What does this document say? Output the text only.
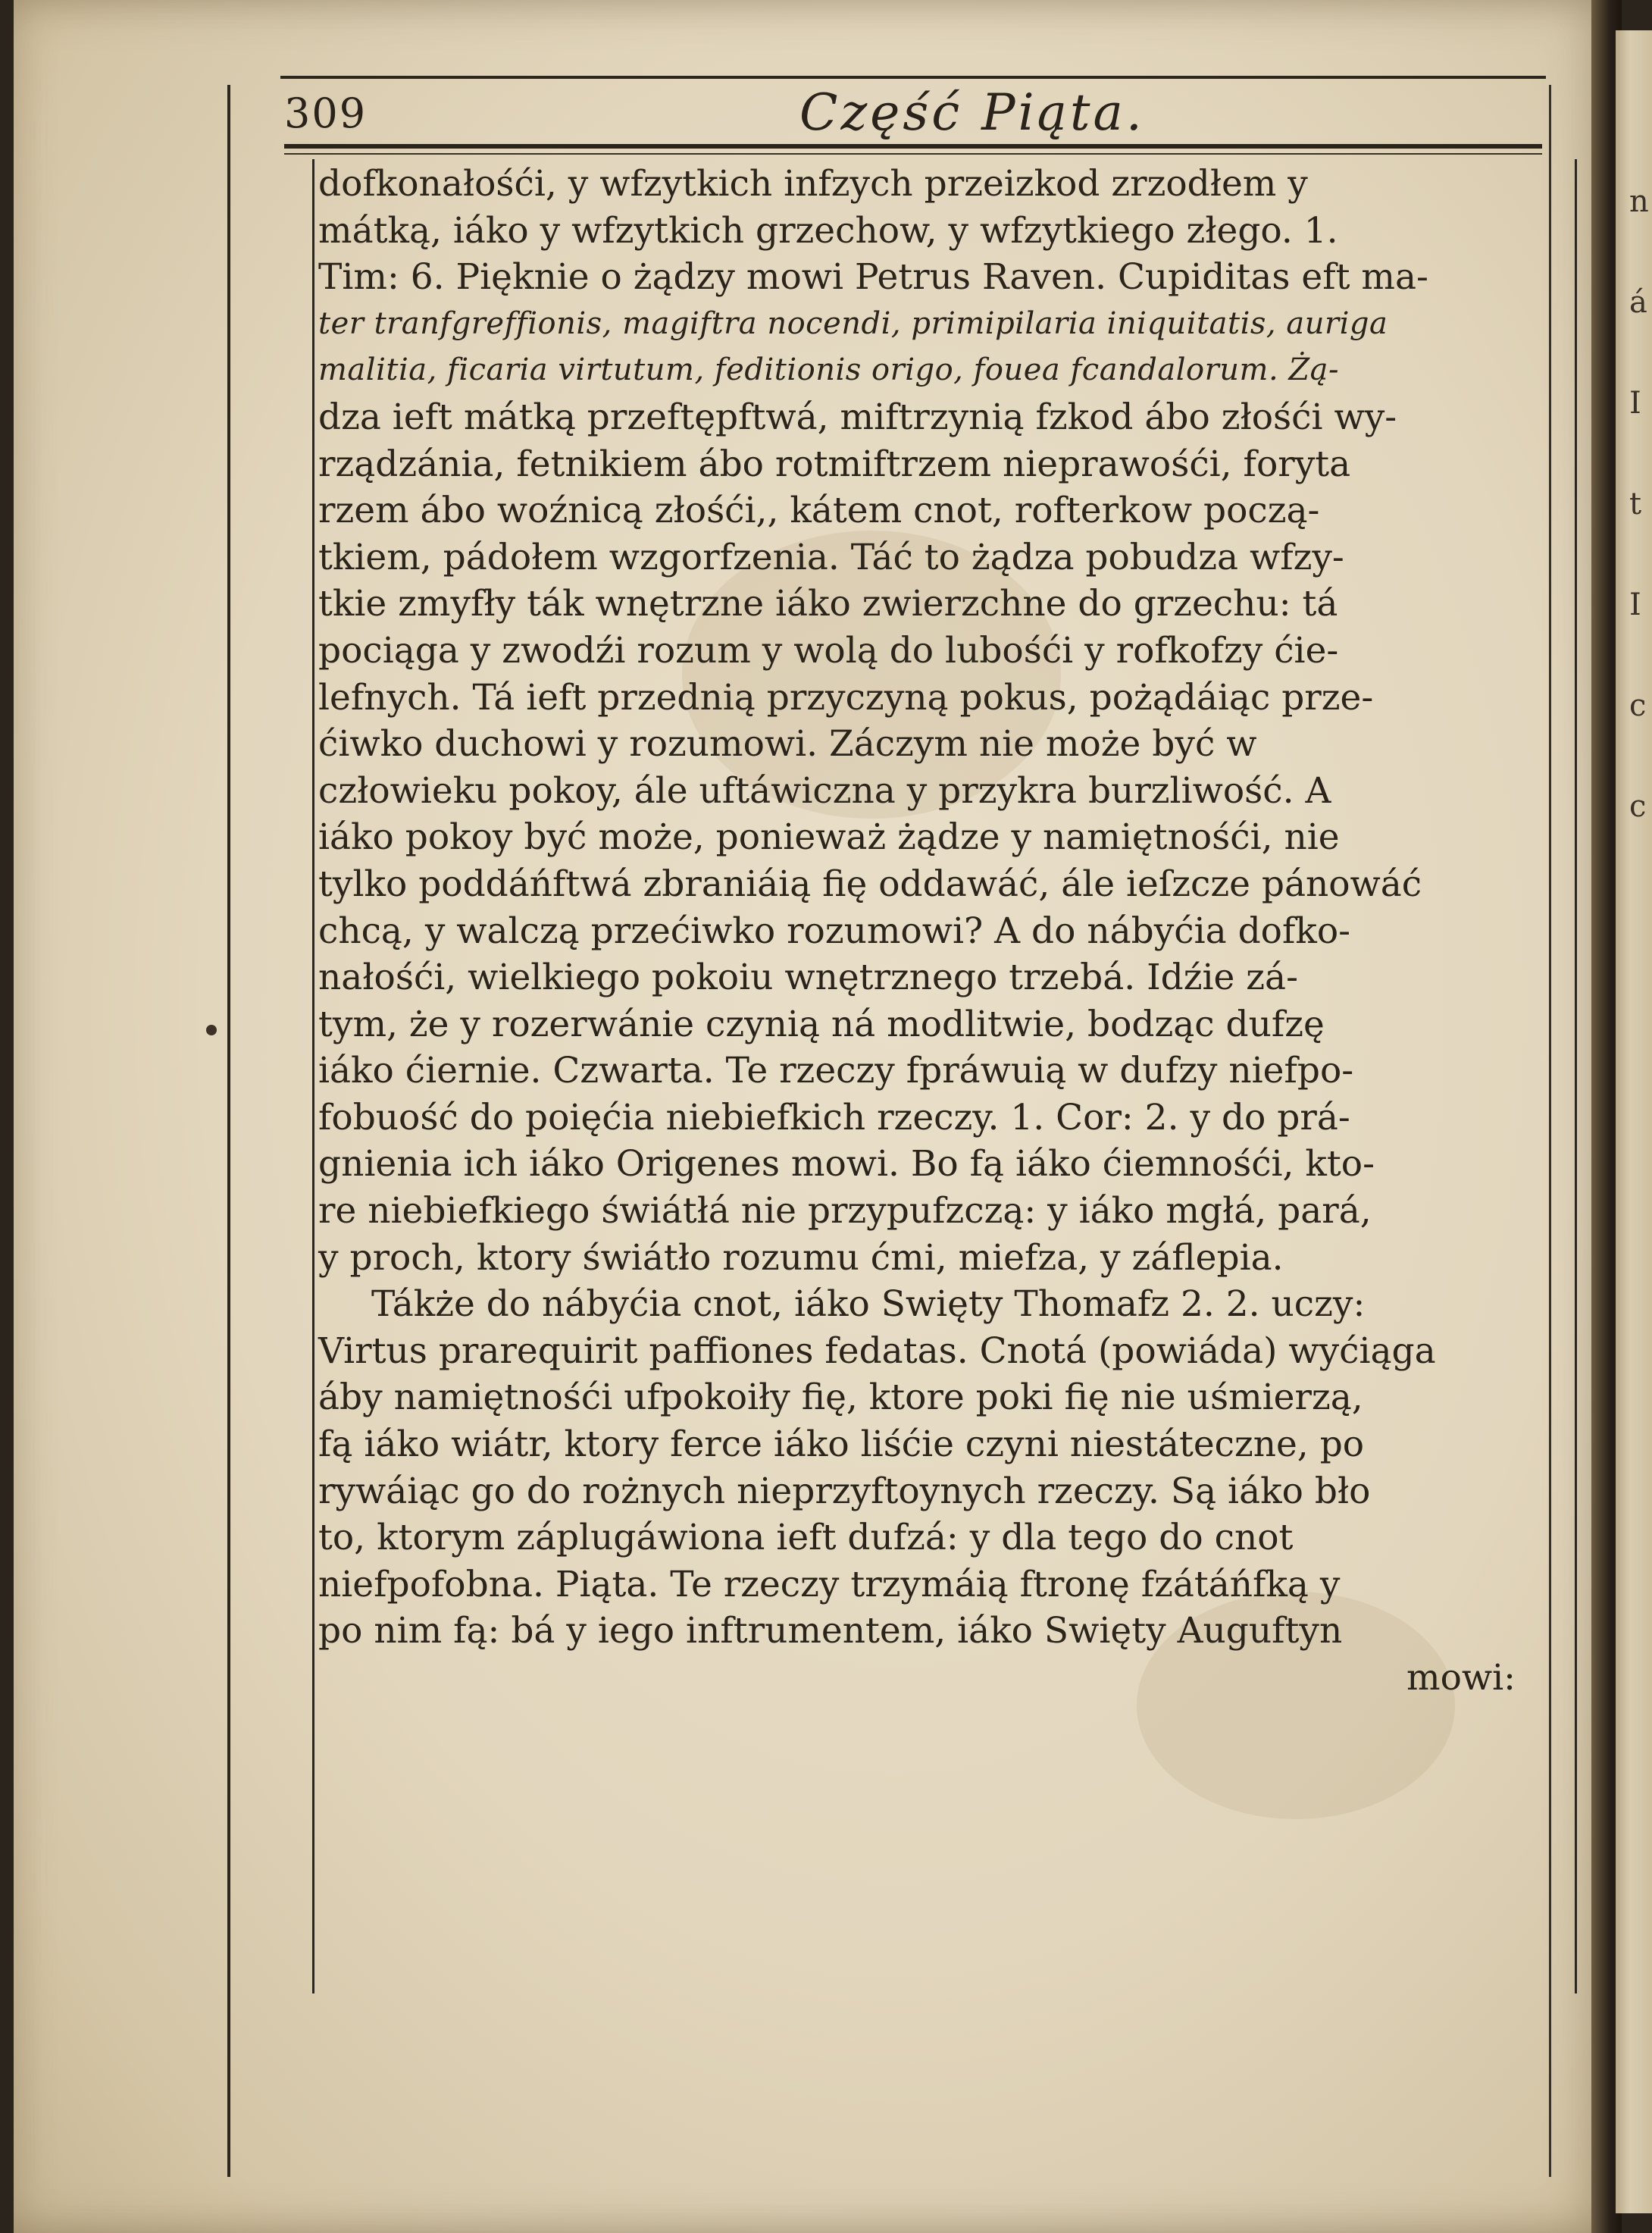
n
á
I
t
I
c
c
309	Część Piąta.
dofkonałośći, y wfzytkich infzych przeizkod zrzodłem y
mátką, iáko y wfzytkich grzechow, y wfzytkiego złego. 1.
Tim: 6. Pięknie o żądzy mowi Petrus Raven. Cupiditas eft ma-
ter tranfgreffionis, magiftra nocendi, primipilaria iniquitatis, auriga
malitia, ficaria virtutum, feditionis origo, fouea fcandalorum. Żą-
dza ieft mátką przeftępftwá, miftrzynią fzkod ábo złośći wy-
rządzánia, fetnikiem ábo rotmiftrzem nieprawośći, foryta
rzem ábo woźnicą złośći,, kátem cnot, rofterkow począ-
tkiem, pádołem wzgorfzenia. Táć to żądza pobudza wfzy-
tkie zmyfły ták wnętrzne iáko zwierzchne do grzechu: tá
pociąga y zwodźi rozum y wolą do lubośći y rofkofzy ćie-
lefnych. Tá ieft przednią przyczyną pokus, pożądáiąc prze-
ćiwko duchowi y rozumowi. Záczym nie może być w
człowieku pokoy, ále uftáwiczna y przykra burzliwość. A
iáko pokoy być może, ponieważ żądze y namiętnośći, nie
tylko poddáńftwá zbraniáią fię oddawáć, ále ieſzcze pánowáć
chcą, y walczą przećiwko rozumowi? A do nábyćia dofko-
nałośći, wielkiego pokoiu wnętrznego trzebá. Idźie zá-
tym, że y rozerwánie czynią ná modlitwie, bodząc dufzę
iáko ćiernie. Czwarta. Te rzeczy fpráwuią w dufzy niefpo-
fobuość do poięćia niebiefkich rzeczy. 1. Cor: 2. y do prá-
gnienia ich iáko Origenes mowi. Bo fą iáko ćiemnośći, kto-
re niebiefkiego świátłá nie przypufzczą: y iáko mgłá, pará,
y proch, ktory świátło rozumu ćmi, miefza, y záflepia.
Tákże do nábyćia cnot, iáko Swięty Thomafz 2. 2. uczy:
Virtus prarequirit paffiones fedatas. Cnotá (powiáda) wyćiąga
áby namiętnośći ufpokoiły fię, ktore poki fię nie uśmierzą,
fą iáko wiátr, ktory ferce iáko liśćie czyni niestáteczne, po
rywáiąc go do rożnych nieprzyftoynych rzeczy. Są iáko bło
to, ktorym záplugáwiona ieft dufzá: y dla tego do cnot
niefpofobna. Piąta. Te rzeczy trzymáią ftronę fzátáńfką y
po nim fą: bá y iego inftrumentem, iáko Swięty Auguftyn
mowi:
